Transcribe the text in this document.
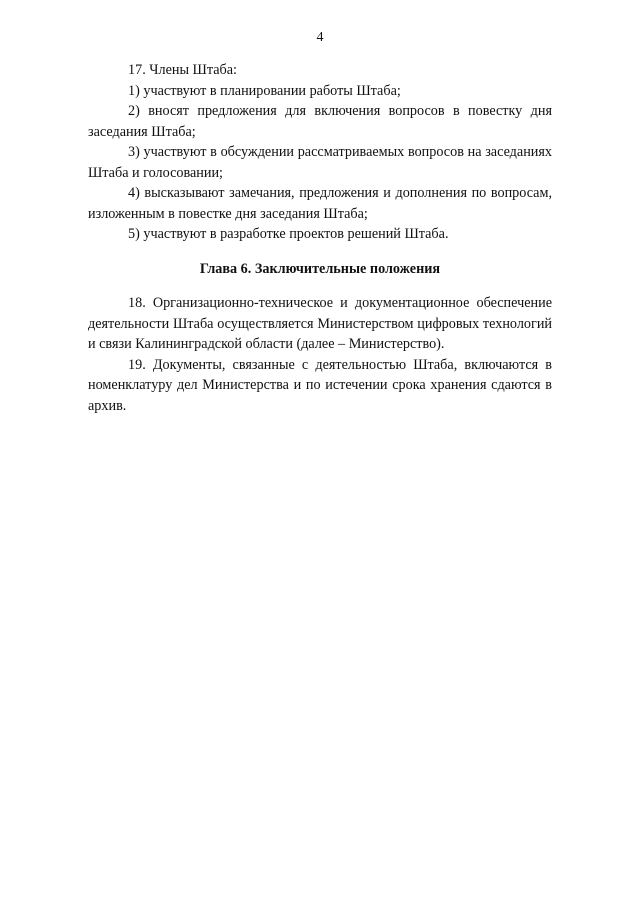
4

17. Члены Штаба:

1) участвуют в планировании работы Штаба;

2) вносят предложения для включения вопросов в повестку дня заседания Штаба;

3) участвуют в обсуждении рассматриваемых вопросов на заседаниях Штаба и голосовании;

4) высказывают замечания, предложения и дополнения по вопросам, изложенным в повестке дня заседания Штаба;

5) участвуют в разработке проектов решений Штаба.

Глава 6. Заключительные положения

18. Организационно-техническое и документационное обеспечение деятельности Штаба осуществляется Министерством цифровых технологий и связи Калининградской области (далее – Министерство).

19. Документы, связанные с деятельностью Штаба, включаются в номенклатуру дел Министерства и по истечении срока хранения сдаются в архив.
